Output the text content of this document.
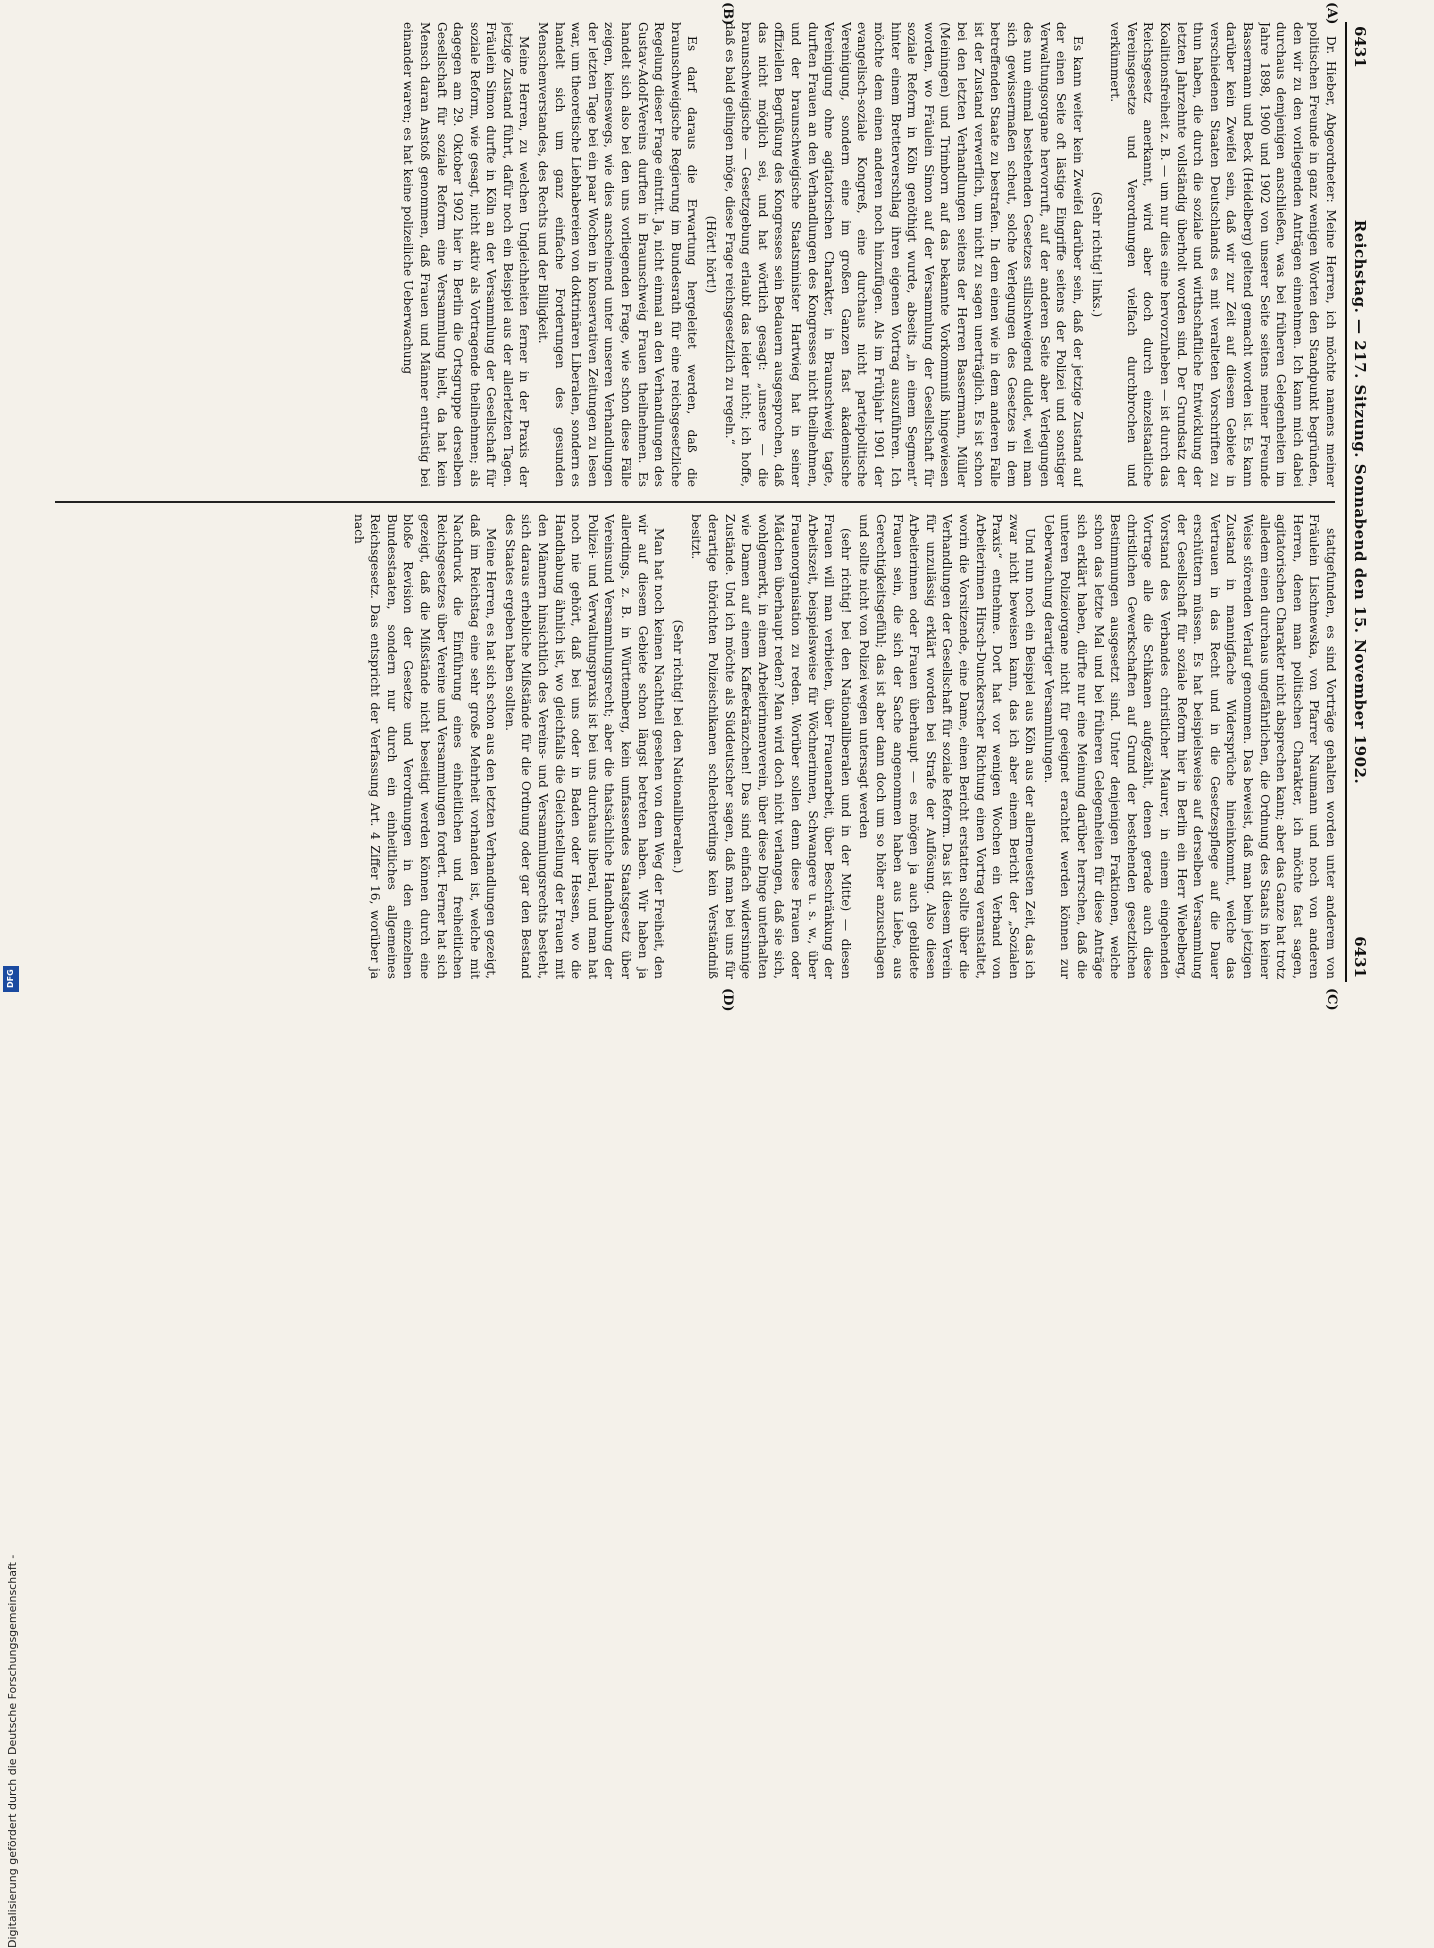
6431
Reichstag. — 217. Sitzung. Sonnabend den 15. November 1902.
6431
(A)
(B)
(C)
(D)

Dr. Hieber, Abgeordneter: Meine Herren, ich möchte namens meiner politischen Freunde in ganz wenigen Worten den Standpunkt begründen, den wir zu den vorliegenden Anträgen einnehmen. Ich kann mich dabei durchaus demjenigen anschließen, was bei früheren Gelegenheiten im Jahre 1898, 1900 und 1902 von unserer Seite seitens meiner Freunde Bassermann und Beck (Heidelberg) geltend gemacht worden ist. Es kann darüber kein Zweifel sein, daß wir zur Zeit auf diesem Gebiete in verschiedenen Staaten Deutschlands es mit veralteten Vorschriften zu thun haben, die durch die soziale und wirthschaftliche Entwicklung der letzten Jahrzehnte vollständig überholt worden sind. Der Grundsatz der Koalitionsfreiheit z. B. — um nur dies eine hervorzuheben — ist durch das Reichsgesetz anerkannt, wird aber doch durch einzelstaatliche Vereinsgesetze und Verordnungen vielfach durchbrochen und verkümmert.

(Sehr richtig! links.)

Es kann weiter kein Zweifel darüber sein, daß der jetzige Zustand auf der einen Seite oft lästige Eingriffe seitens der Polizei und sonstiger Verwaltungsorgane hervorruft, auf der anderen Seite aber Verlegungen des nun einmal bestehenden Gesetzes stillschweigend duldet, weil man sich gewissermaßen scheut, solche Verlegungen des Gesetzes in dem betreffenden Staate zu bestrafen. In dem einen wie in dem anderen Falle ist der Zustand verwerflich, um nicht zu sagen unerträglich. Es ist schon bei den letzten Verhandlungen seitens der Herren Bassermann, Müller (Meiningen) und Trimborn auf das bekannte Vorkommniß hingewiesen worden, wo Fräulein Simon auf der Versammlung der Gesellschaft für soziale Reform in Köln genöthigt wurde, abseits „in einem Segment“ hinter einem Bretterverschlag ihren eigenen Vortrag auszuführen. Ich möchte dem einen anderen noch hinzufügen. Als im Frühjahr 1901 der evangelisch-soziale Kongreß, eine durchaus nicht parteipolitische Vereinigung, sondern eine im großen Ganzen fast akademische Vereinigung ohne agitatorischen Charakter, in Braunschweig tagte, durften Frauen an den Verhandlungen des Kongresses nicht theilnehmen, und der braunschweigische Staatsminister Hartwieg hat in seiner offiziellen Begrüßung des Kongresses sein Bedauern ausgesprochen, daß das nicht möglich sei, und hat wörtlich gesagt: „unsere — die braunschweigische — Gesetzgebung erlaubt das leider nicht; ich hoffe, daß es bald gelingen möge, diese Frage reichsgesetzlich zu regeln.“

(Hört! hört!)

Es darf daraus die Erwartung hergeleitet werden, daß die braunschweigische Regierung im Bundesrath für eine reichsgesetzliche Regelung dieser Frage eintritt. Ja, nicht einmal an den Verhandlungen des Gustav-Adolf-Vereins durften in Braunschweig Frauen theilnehmen. Es handelt sich also bei den uns vorliegenden Frage, wie schon diese Fälle zeigen, keineswegs, wie dies anscheinend unter unseren Verhandlungen der letzten Tage bei ein paar Wochen in konservativen Zeitungen zu lesen war, um theoretische Liebhabereien von doktrinären Liberalen, sondern es handelt sich um ganz einfache Forderungen des gesunden Menschenverstandes, des Rechts und der Billigkeit.

Meine Herren, zu welchen Ungleichheiten ferner in der Praxis der jetzige Zustand führt, dafür noch ein Beispiel aus der allerletzten Tagen. Fräulein Simon durfte in Köln an der Versammlung der Gesellschaft für soziale Reform, wie gesagt, nicht aktiv als Vortragende theilnehmen; als dagegen am 29. Oktober 1902 hier in Berlin die Ortsgruppe derselben Gesellschaft für soziale Reform eine Versammlung hielt, da hat kein Mensch daran Anstoß genommen, daß Frauen und Männer entrüstig bei einander waren; es hat keine polizeiliche Ueberwachung

stattgefunden, es sind Vorträge gehalten worden unter anderem von Fräulein Lischnewska, von Pfarrer Naumann und noch von anderen Herren, denen man politischen Charakter, ich möchte fast sagen, agitatorischen Charakter nicht absprechen kann; aber das Ganze hat trotz alledem einen durchaus ungefährlichen, die Ordnung des Staats in keiner Weise störenden Verlauf genommen. Das beweist, daß man beim jetzigen Zustand in mannigfache Widersprüche hineinkommt, welche das Vertrauen in das Recht und in die Gesetzespflege auf die Dauer erschüttern müssen. Es hat beispielsweise auf derselben Versammlung der Gesellschaft für soziale Reform hier in Berlin ein Herr Wiebelberg, Vorstand des Verbandes christlicher Maurer, in einem eingehenden Vortrage alle die Schikanen aufgezählt, denen gerade auch diese christlichen Gewerkschaften auf Grund der bestehenden gesetzlichen Bestimmungen ausgesetzt sind. Unter denjenigen Fraktionen, welche schon das letzte Mal und bei früheren Gelegenheiten für diese Anträge sich erklärt haben, dürfte nur eine Meinung darüber herrschen, daß die unteren Polizeiorgane nicht für geeignet erachtet werden können zur Ueberwachung derartiger Versammlungen.

Und nun noch ein Beispiel aus Köln aus der allerneuesten Zeit, das ich zwar nicht beweisen kann, das ich aber einem Bericht der „Sozialen Praxis“ entnehme. Dort hat vor wenigen Wochen ein Verband von Arbeiterinnen Hirsch-Dunckerscher Richtung einen Vortrag veranstaltet, worin die Vorsitzende, eine Dame, einen Bericht erstatten sollte über die Verhandlungen der Gesellschaft für soziale Reform. Das ist diesem Verein für unzulässig erklärt worden bei Strafe der Auflösung. Also diesen Arbeiterinnen oder Frauen überhaupt — es mögen ja auch gebildete Frauen sein, die sich der Sache angenommen haben aus Liebe, aus Gerechtigkeitsgefühl; das ist aber dann doch um so höher anzuschlagen und sollte nicht von Polizei wegen untersagt werden

(sehr richtig! bei den Nationalliberalen und in der Mitte) — diesen Frauen will man verbieten, über Frauenarbeit, über Beschränkung der Arbeitszeit, beispielsweise für Wöchnerinnen, Schwangere u. s. w., über Frauenorganisation zu reden. Worüber sollen denn diese Frauen oder Mädchen überhaupt reden? Man wird doch nicht verlangen, daß sie sich, wohlgemerkt, in einem Arbeiterinnenverein, über diese Dinge unterhalten wie Damen auf einem Kaffeekränzchen! Das sind einfach widersinnige Zustände. Und ich möchte als Süddeutscher sagen, daß man bei uns für derartige thörichten Polizeischikanen schlechterdings kein Verständniß besitzt.

(Sehr richtig! bei den Nationalliberalen.)

Man hat noch keinen Nachtheil gesehen von dem Weg der Freiheit, den wir auf diesem Gebiete schon längst betreten haben. Wir haben ja allerdings, z. B. in Württemberg, kein umfassendes Staatsgesetz über Vereinsund Versammlungsrecht; aber die thatsächliche Handhabung der Polizei- und Verwaltungspraxis ist bei uns durchaus liberal, und man hat noch nie gehört, daß bei uns oder in Baden oder Hessen, wo die Handhabung ähnlich ist, wo gleichfalls die Gleichstellung der Frauen mit den Männern hinsichtlich des Vereins- und Versammlungsrechts besteht, sich daraus erhebliche Mißstände für die Ordnung oder gar den Bestand des Staates ergeben haben sollten.

Meine Herren, es hat sich schon aus den letzten Verhandlungen gezeigt, daß im Reichstag eine sehr große Mehrheit vorhanden ist, welche mit Nachdruck die Einführung eines einheitlichen und freiheitlichen Reichsgesetzes über Vereine und Versammlungen fordert. Ferner hat sich gezeigt, daß die Mißstände nicht beseitigt werden können durch eine bloße Revision der Gesetze und Verordnungen in den einzelnen Bundesstaaten, sondern nur durch ein einheitliches allgemeines Reichsgesetz. Das entspricht der Verfassung Art. 4 Ziffer 16, worüber ja nach

Digitalisierung gefördert durch die Deutsche Forschungsgemeinschaft -
DFG
